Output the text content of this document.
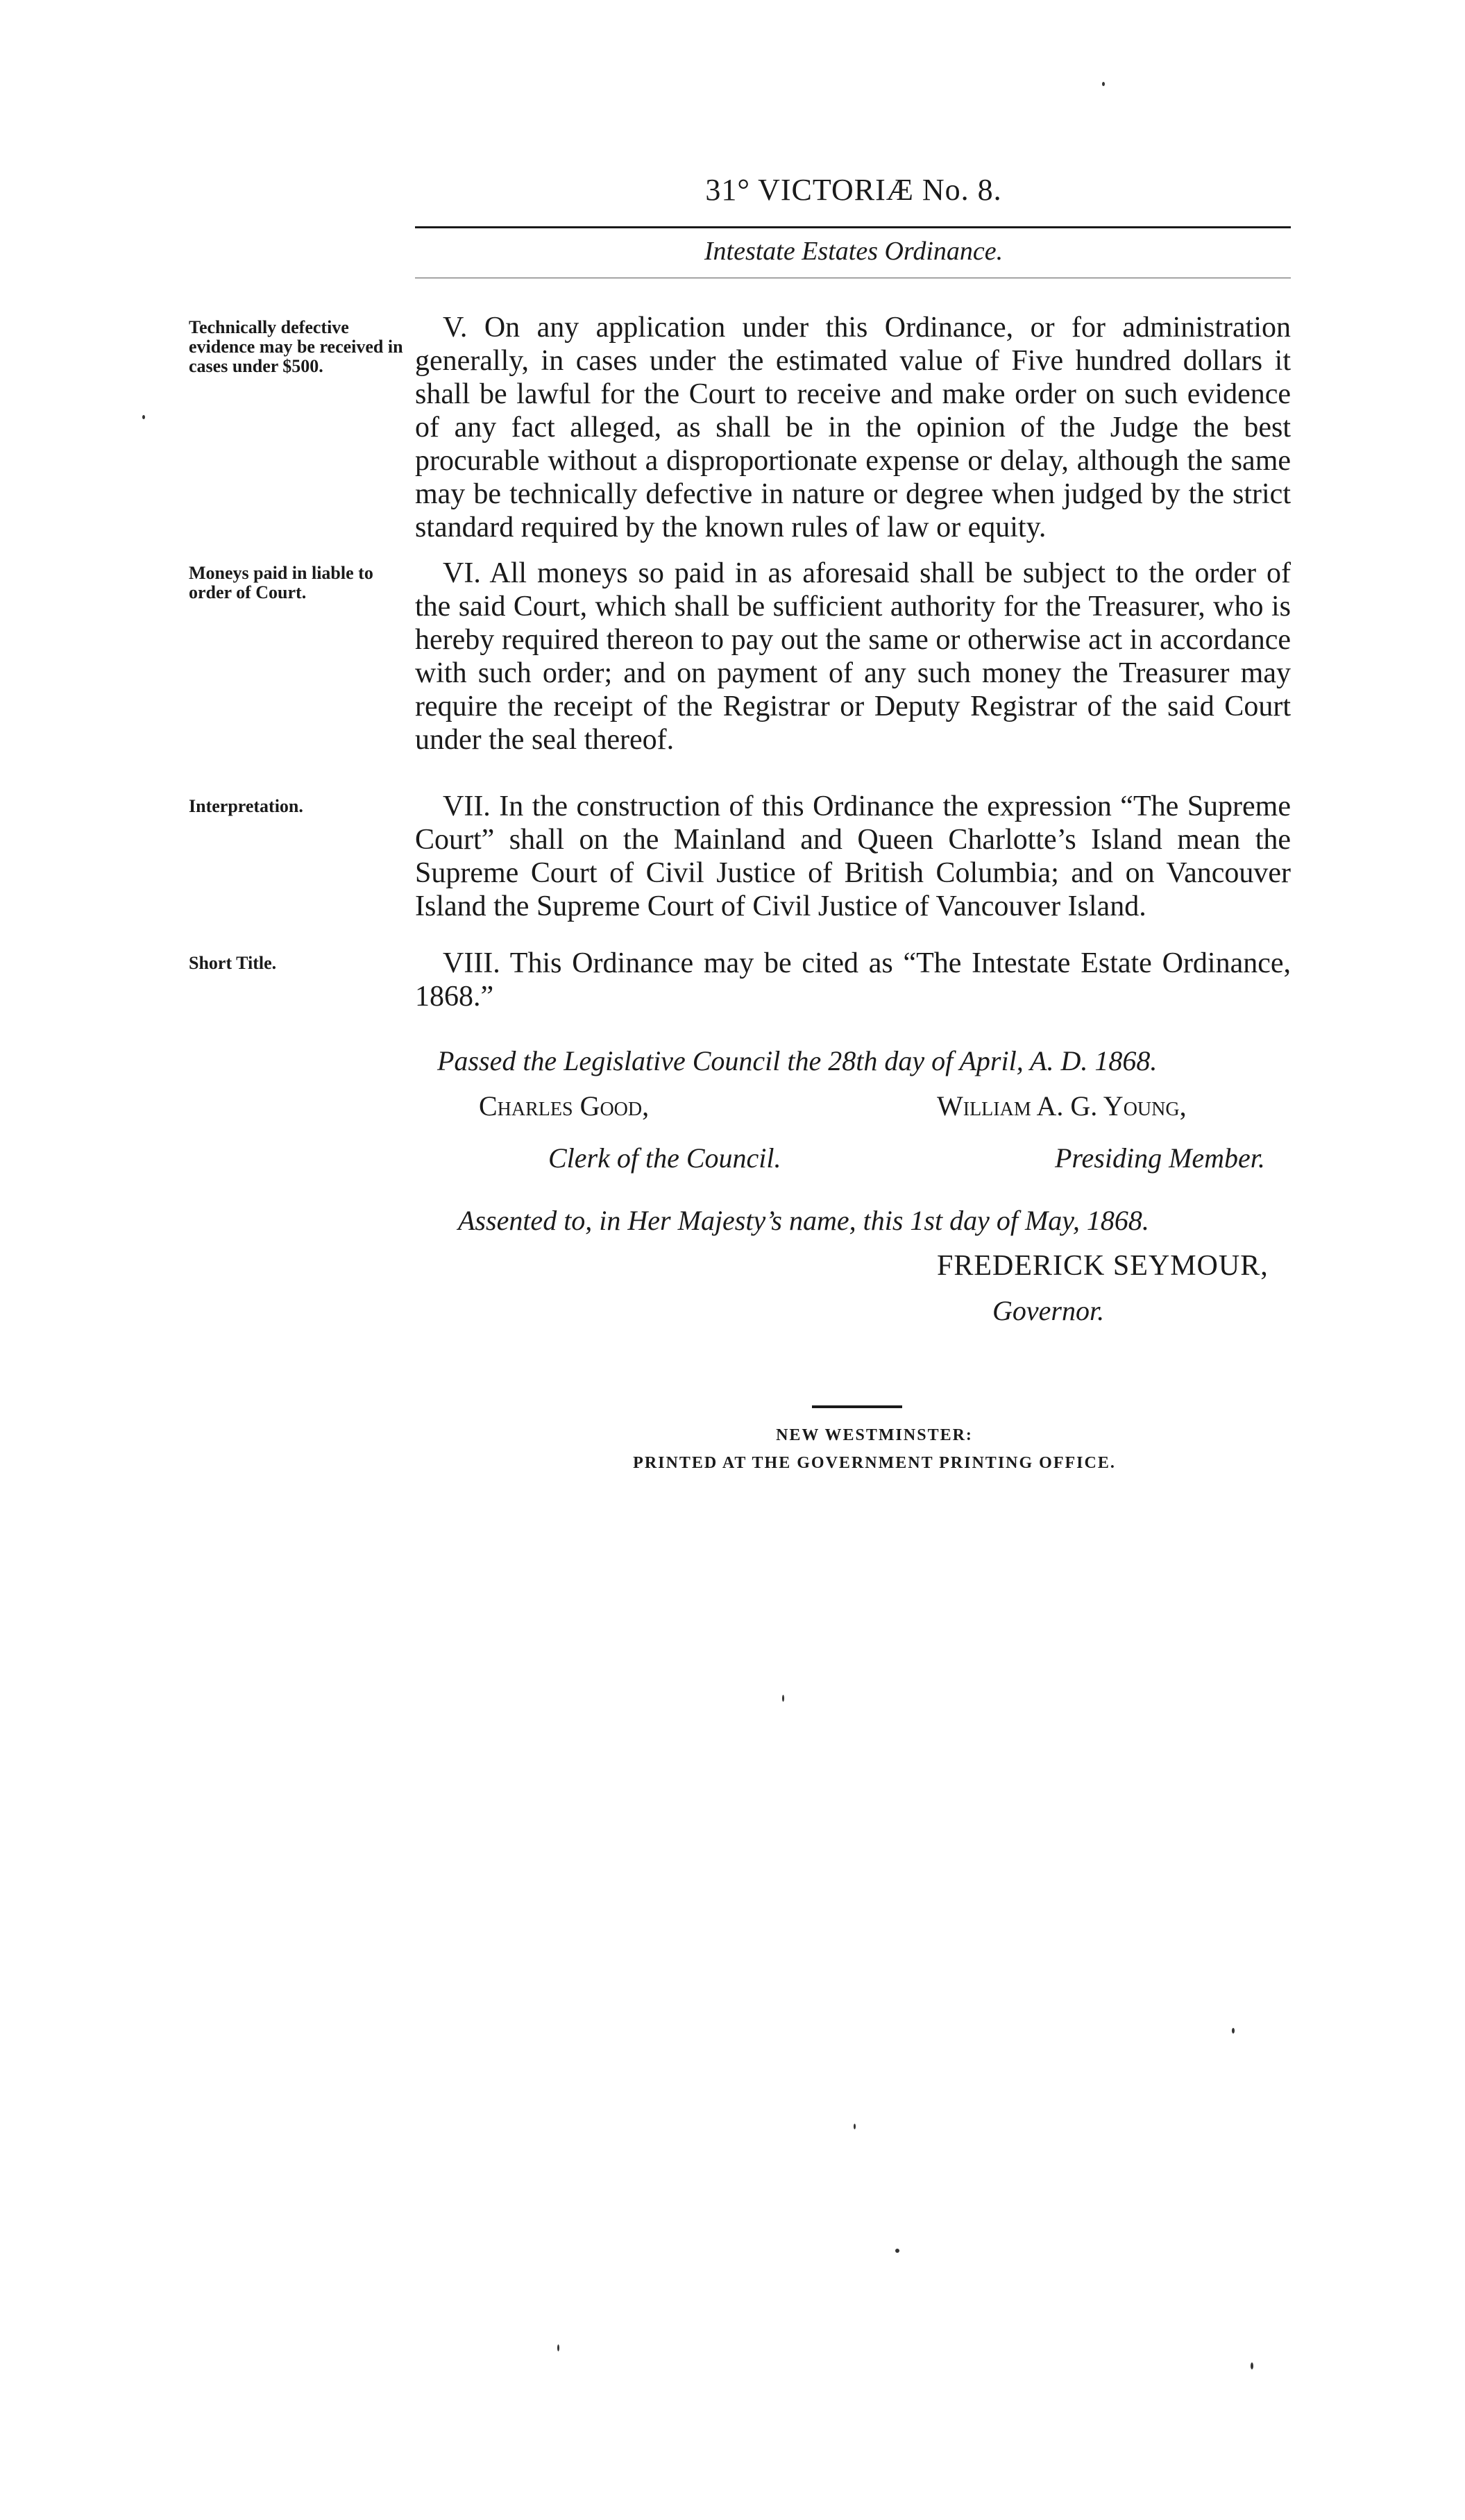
31° VICTORIÆ No. 8.
Intestate Estates Ordinance.
Technically defective evidence may be received in cases under $500.

V. On any application under this Ordinance, or for administration generally, in cases under the estimated value of Five hundred dollars it shall be lawful for the Court to receive and make order on such evidence of any fact alleged, as shall be in the opinion of the Judge the best procurable without a disproportionate expense or delay, although the same may be technically defective in nature or degree when judged by the strict standard required by the known rules of law or equity.

Moneys paid in liable to order of Court.

VI. All moneys so paid in as aforesaid shall be subject to the order of the said Court, which shall be sufficient authority for the Treasurer, who is hereby required thereon to pay out the same or otherwise act in accordance with such order; and on payment of any such money the Treasurer may require the receipt of the Registrar or Deputy Registrar of the said Court under the seal thereof.

Interpretation.	VII. In the construction of this Ordinance the expression “The Supreme Court” shall on the Mainland and Queen Charlotte’s Island mean the Supreme Court of Civil Justice of British Columbia; and on Vancouver Island the Supreme Court of Civil Justice of Vancouver Island.

Short Title.	VIII. This Ordinance may be cited as “The Intestate Estate Ordinance, 1868.”

Passed the Legislative Council the 28th day of April, A. D. 1868.
Charles Good,	William A. G. Young,
Clerk of the Council.	Presiding Member.
Assented to, in Her Majesty’s name, this 1st day of May, 1868.
FREDERICK SEYMOUR,
Governor.
NEW WESTMINSTER:
PRINTED AT THE GOVERNMENT PRINTING OFFICE.
